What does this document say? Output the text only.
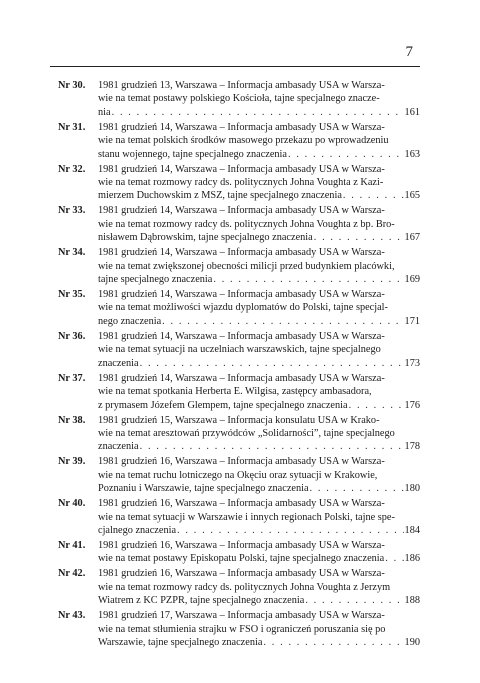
7
Nr 30. 1981 grudzień 13, Warszawa – Informacja ambasady USA w Warsza-
wie na temat postawy polskiego Kościoła, tajne specjalnego znacze-
nia . . .	161
Nr 31. 1981 grudzień 14, Warszawa – Informacja ambasady USA w Warsza-
wie na temat polskich środków masowego przekazu po wprowadzeniu
stanu wojennego, tajne specjalnego znaczenia . . .	163
Nr 32. 1981 grudzień 14, Warszawa – Informacja ambasady USA w Warsza-
wie na temat rozmowy radcy ds. politycznych Johna Voughta z Kazi-
mierzem Duchowskim z MSZ, tajne specjalnego znaczenia . . .	165
Nr 33. 1981 grudzień 14, Warszawa – Informacja ambasady USA w Warsza-
wie na temat rozmowy radcy ds. politycznych Johna Voughta z bp. Bro-
nisławem Dąbrowskim, tajne specjalnego znaczenia . . .	167
Nr 34. 1981 grudzień 14, Warszawa – Informacja ambasady USA w Warsza-
wie na temat zwiększonej obecności milicji przed budynkiem placówki,
tajne specjalnego znaczenia . . .	169
Nr 35. 1981 grudzień 14, Warszawa – Informacja ambasady USA w Warsza-
wie na temat możliwości wjazdu dyplomatów do Polski, tajne specjal-
nego znaczenia . . .	171
Nr 36. 1981 grudzień 14, Warszawa – Informacja ambasady USA w Warsza-
wie na temat sytuacji na uczelniach warszawskich, tajne specjalnego
znaczenia . . .	173
Nr 37. 1981 grudzień 14, Warszawa – Informacja ambasady USA w Warsza-
wie na temat spotkania Herberta E. Wilgisa, zastępcy ambasadora,
z prymasem Józefem Glempem, tajne specjalnego znaczenia . . .	176
Nr 38. 1981 grudzień 15, Warszawa – Informacja konsulatu USA w Krako-
wie na temat aresztowań przywódców „Solidarności”, tajne specjalnego
znaczenia . . .	178
Nr 39. 1981 grudzień 16, Warszawa – Informacja ambasady USA w Warsza-
wie na temat ruchu lotniczego na Okęciu oraz sytuacji w Krakowie,
Poznaniu i Warszawie, tajne specjalnego znaczenia . . .	180
Nr 40. 1981 grudzień 16, Warszawa – Informacja ambasady USA w Warsza-
wie na temat sytuacji w Warszawie i innych regionach Polski, tajne spe-
cjalnego znaczenia . . .	184
Nr 41. 1981 grudzień 16, Warszawa – Informacja ambasady USA w Warsza-
wie na temat postawy Episkopatu Polski, tajne specjalnego znaczenia . . . 186
Nr 42. 1981 grudzień 16, Warszawa – Informacja ambasady USA w Warsza-
wie na temat rozmowy radcy ds. politycznych Johna Voughta z Jerzym
Wiatrem z KC PZPR, tajne specjalnego znaczenia . . .	188
Nr 43. 1981 grudzień 17, Warszawa – Informacja ambasady USA w Warsza-
wie na temat stłumienia strajku w FSO i ograniczeń poruszania się po
Warszawie, tajne specjalnego znaczenia . . .	190
